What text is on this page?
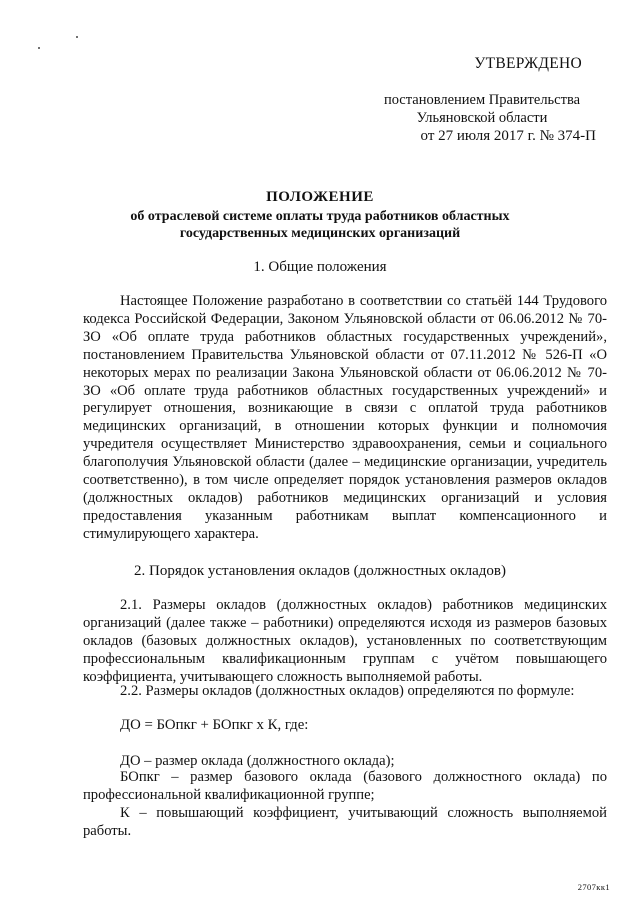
УТВЕРЖДЕНО
постановлением Правительства
Ульяновской области
от 27 июля 2017 г. № 374-П
ПОЛОЖЕНИЕ
об отраслевой системе оплаты труда работников областных государственных медицинских организаций
1. Общие положения
Настоящее Положение разработано в соответствии со статьёй 144 Трудового кодекса Российской Федерации, Законом Ульяновской области от 06.06.2012 № 70-ЗО «Об оплате труда работников областных государственных учреждений», постановлением Правительства Ульяновской области от 07.11.2012 № 526-П «О некоторых мерах по реализации Закона Ульяновской области от 06.06.2012 № 70-ЗО «Об оплате труда работников областных государственных учреждений» и регулирует отношения, возникающие в связи с оплатой труда работников медицинских организаций, в отношении которых функции и полномочия учредителя осуществляет Министерство здравоохранения, семьи и социального благополучия Ульяновской области (далее – медицинские организации, учредитель соответственно), в том числе определяет порядок установления размеров окладов (должностных окладов) работников медицинских организаций и условия предоставления указанным работникам выплат компенсационного и стимулирующего характера.
2. Порядок установления окладов (должностных окладов)
2.1. Размеры окладов (должностных окладов) работников медицинских организаций (далее также – работники) определяются исходя из размеров базовых окладов (базовых должностных окладов), установленных по соответствующим профессиональным квалификационным группам с учётом повышающего коэффициента, учитывающего сложность выполняемой работы.
2.2. Размеры окладов (должностных окладов) определяются по формуле:
ДО = БОпкг + БОпкг х К, где:
ДО – размер оклада (должностного оклада);
БОпкг – размер базового оклада (базового должностного оклада) по профессиональной квалификационной группе;
К – повышающий коэффициент, учитывающий сложность выполняемой работы.
2707кк1
